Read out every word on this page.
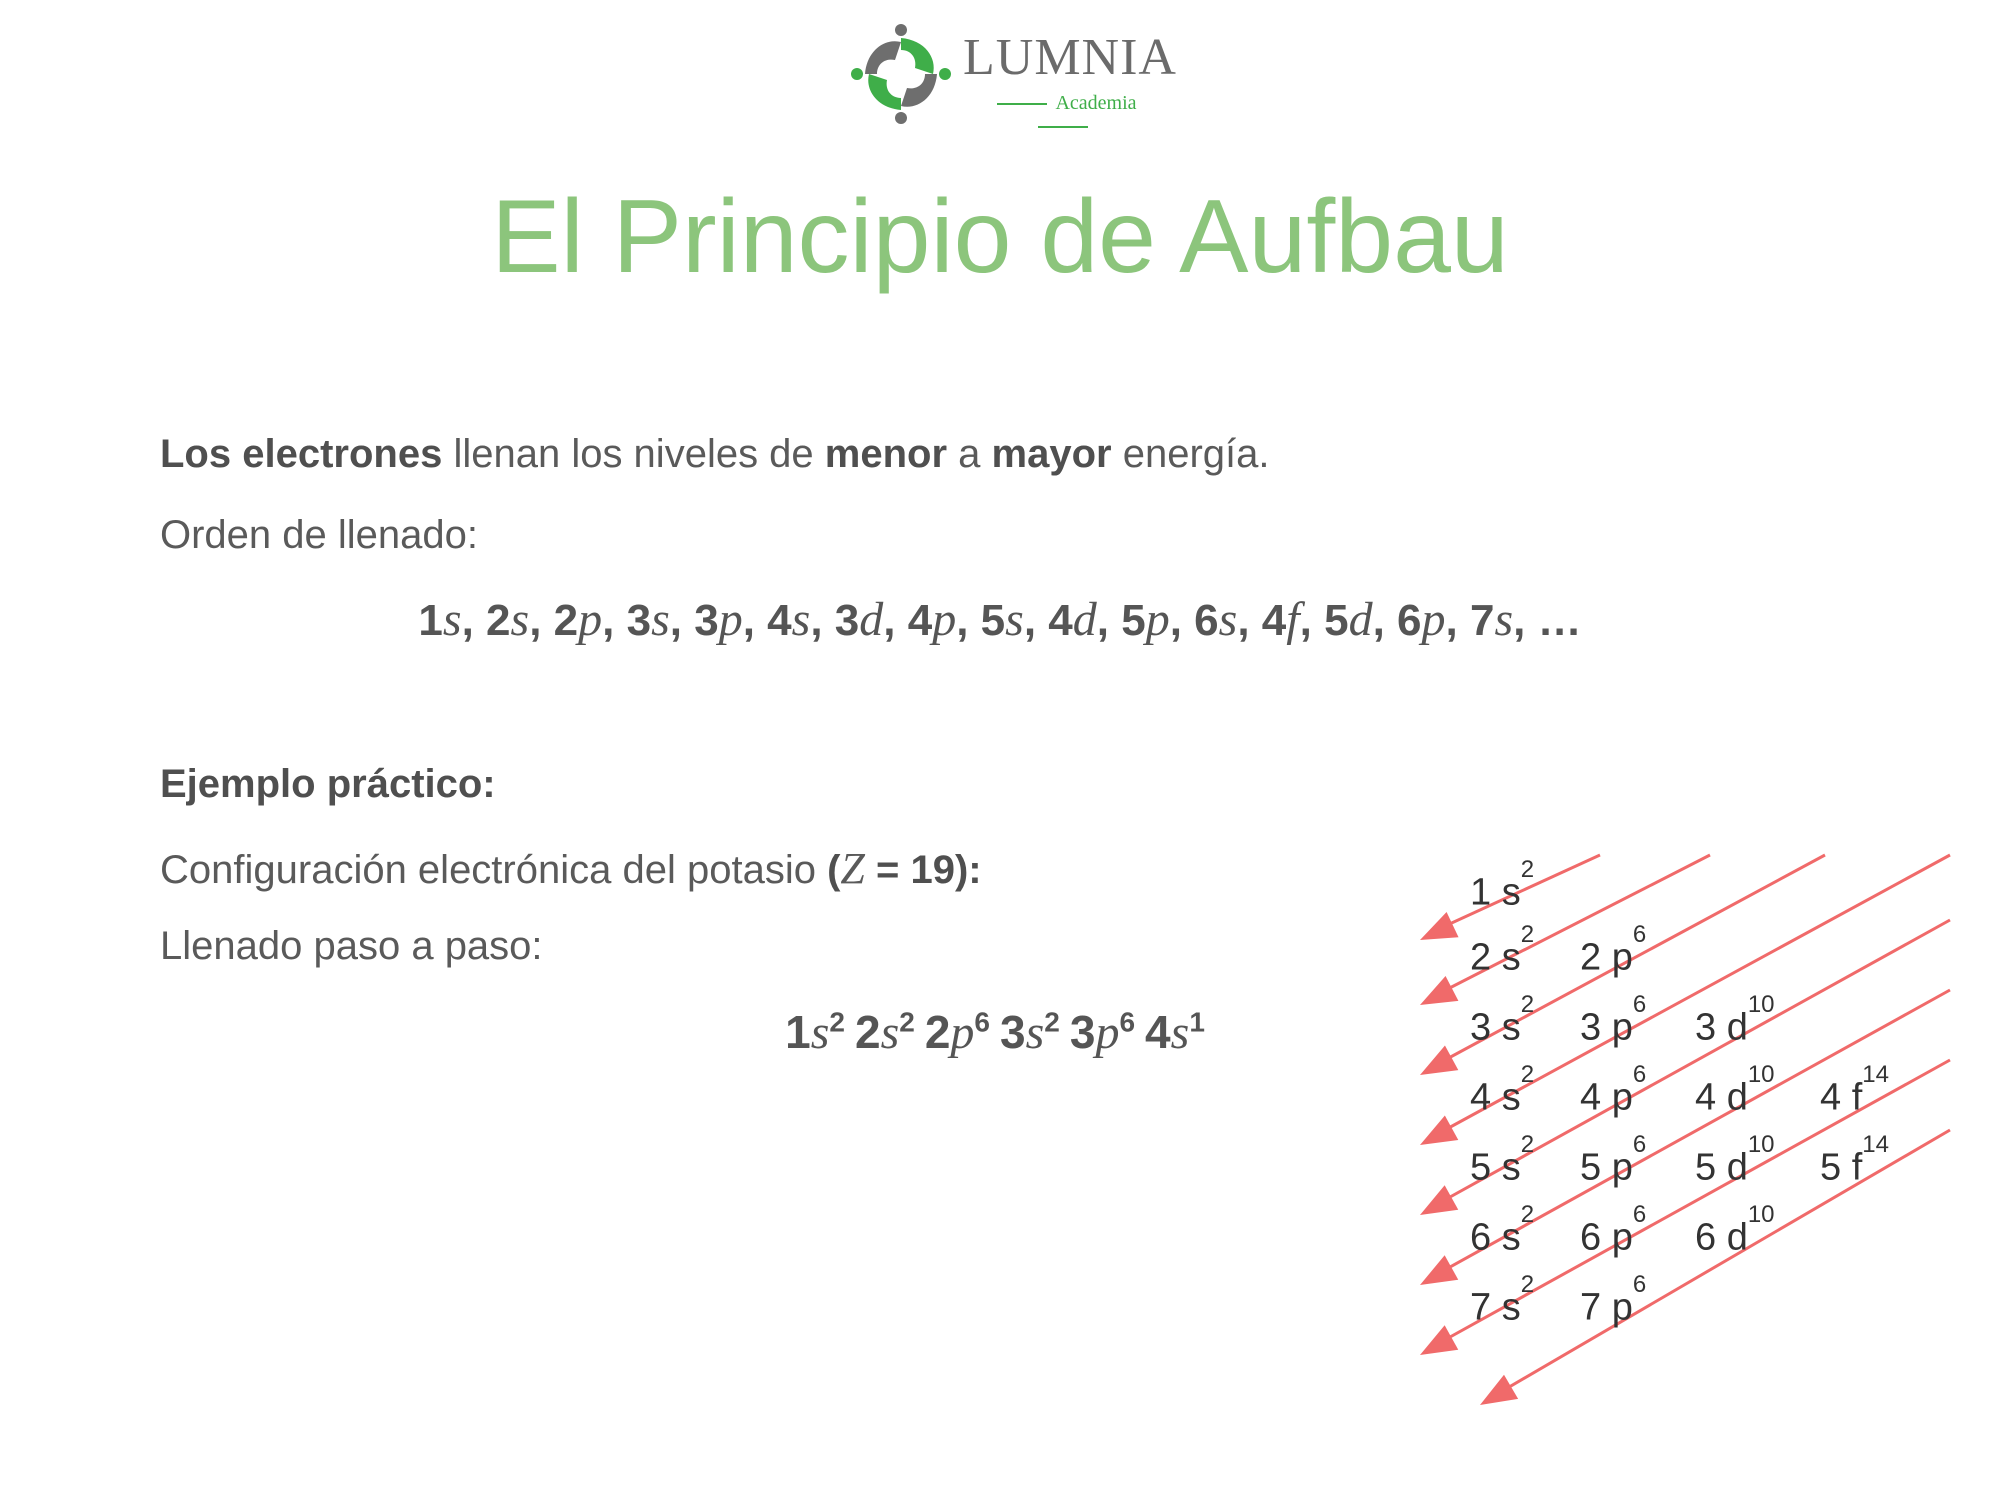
LUMNIA
Academia
El Principio de Aufbau
Los electrones llenan los niveles de menor a mayor energía.
Orden de llenado:
1s, 2s, 2p, 3s, 3p, 4s, 3d, 4p, 5s, 4d, 5p, 6s, 4f, 5d, 6p, 7s, …
Ejemplo práctico:
Configuración electrónica del potasio (Z = 19):
Llenado paso a paso:
$1s^2$ $2s^2$ $2p^6$ $3s^2$ $3p^6$ $4s^1$
1 $s^2$
2 $s^2$
2 $p^6$
3 $s^2$
3 $p^6$
3 $d^{10}$
4 $s^2$
4 $p^6$
4 $d^{10}$
4 $f^{14}$
5 $s^2$
5 $p^6$
5 $d^{10}$
5 $f^{14}$
6 $s^2$
6 $p^6$
6 $d^{10}$
7 $s^2$
7 $p^6$
